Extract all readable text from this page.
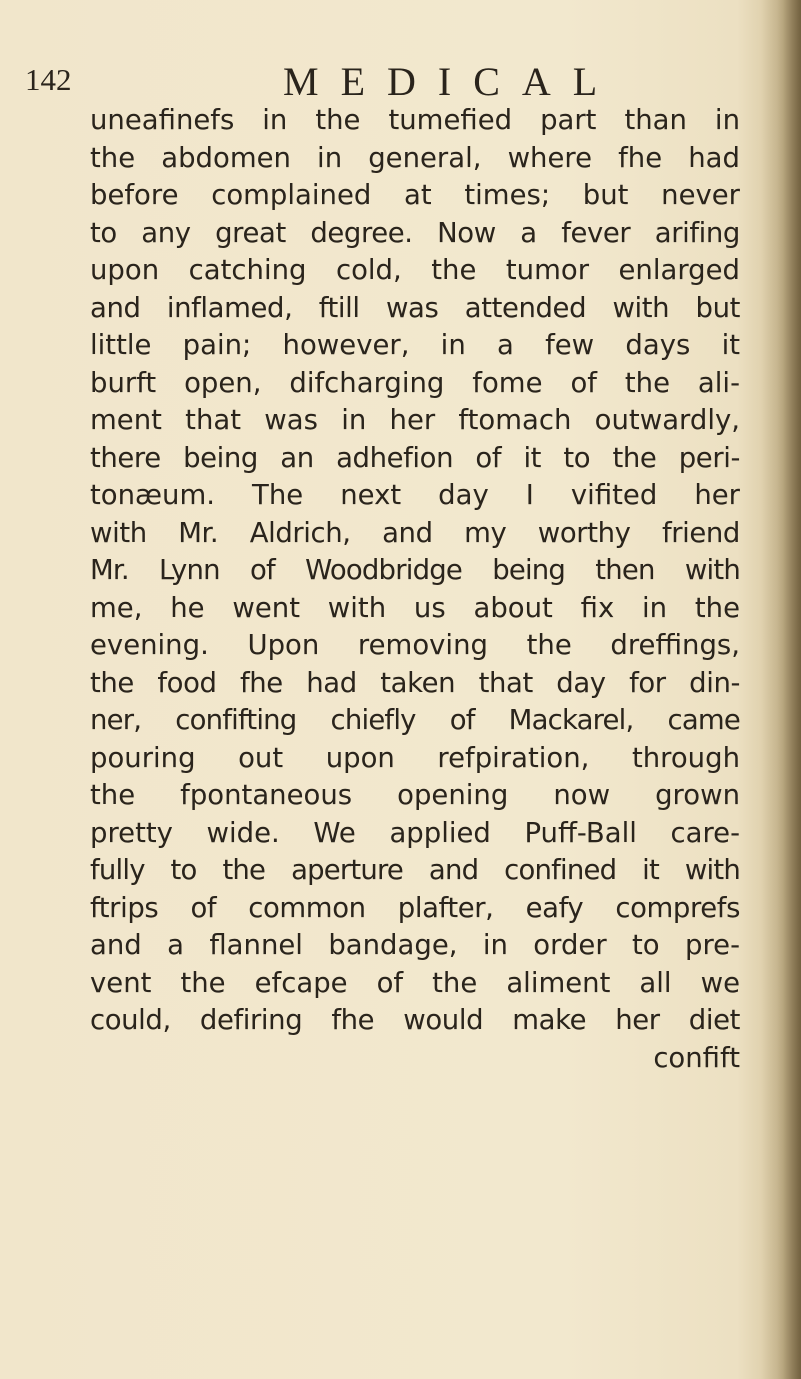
142	MEDICAL
uneafinefs in the tumefied part than in
the abdomen in general, where fhe had
before complained at times; but never
to any great degree. Now a fever arifing
upon catching cold, the tumor enlarged
and inflamed, ftill was attended with but
little pain; however, in a few days it
burft open, difcharging fome of the ali-
ment that was in her ftomach outwardly,
there being an adhefion of it to the peri-
tonæum. The next day I vifited her
with Mr. Aldrich, and my worthy friend
Mr. Lynn of Woodbridge being then with
me, he went with us about fix in the
evening. Upon removing the dreffings,
the food fhe had taken that day for din-
ner, confifting chiefly of Mackarel, came
pouring out upon refpiration, through
the fpontaneous opening now grown
pretty wide. We applied Puff-Ball care-
fully to the aperture and confined it with
ftrips of common plafter, eafy comprefs
and a flannel bandage, in order to pre-
vent the efcape of the aliment all we
could, defiring fhe would make her diet
confift
